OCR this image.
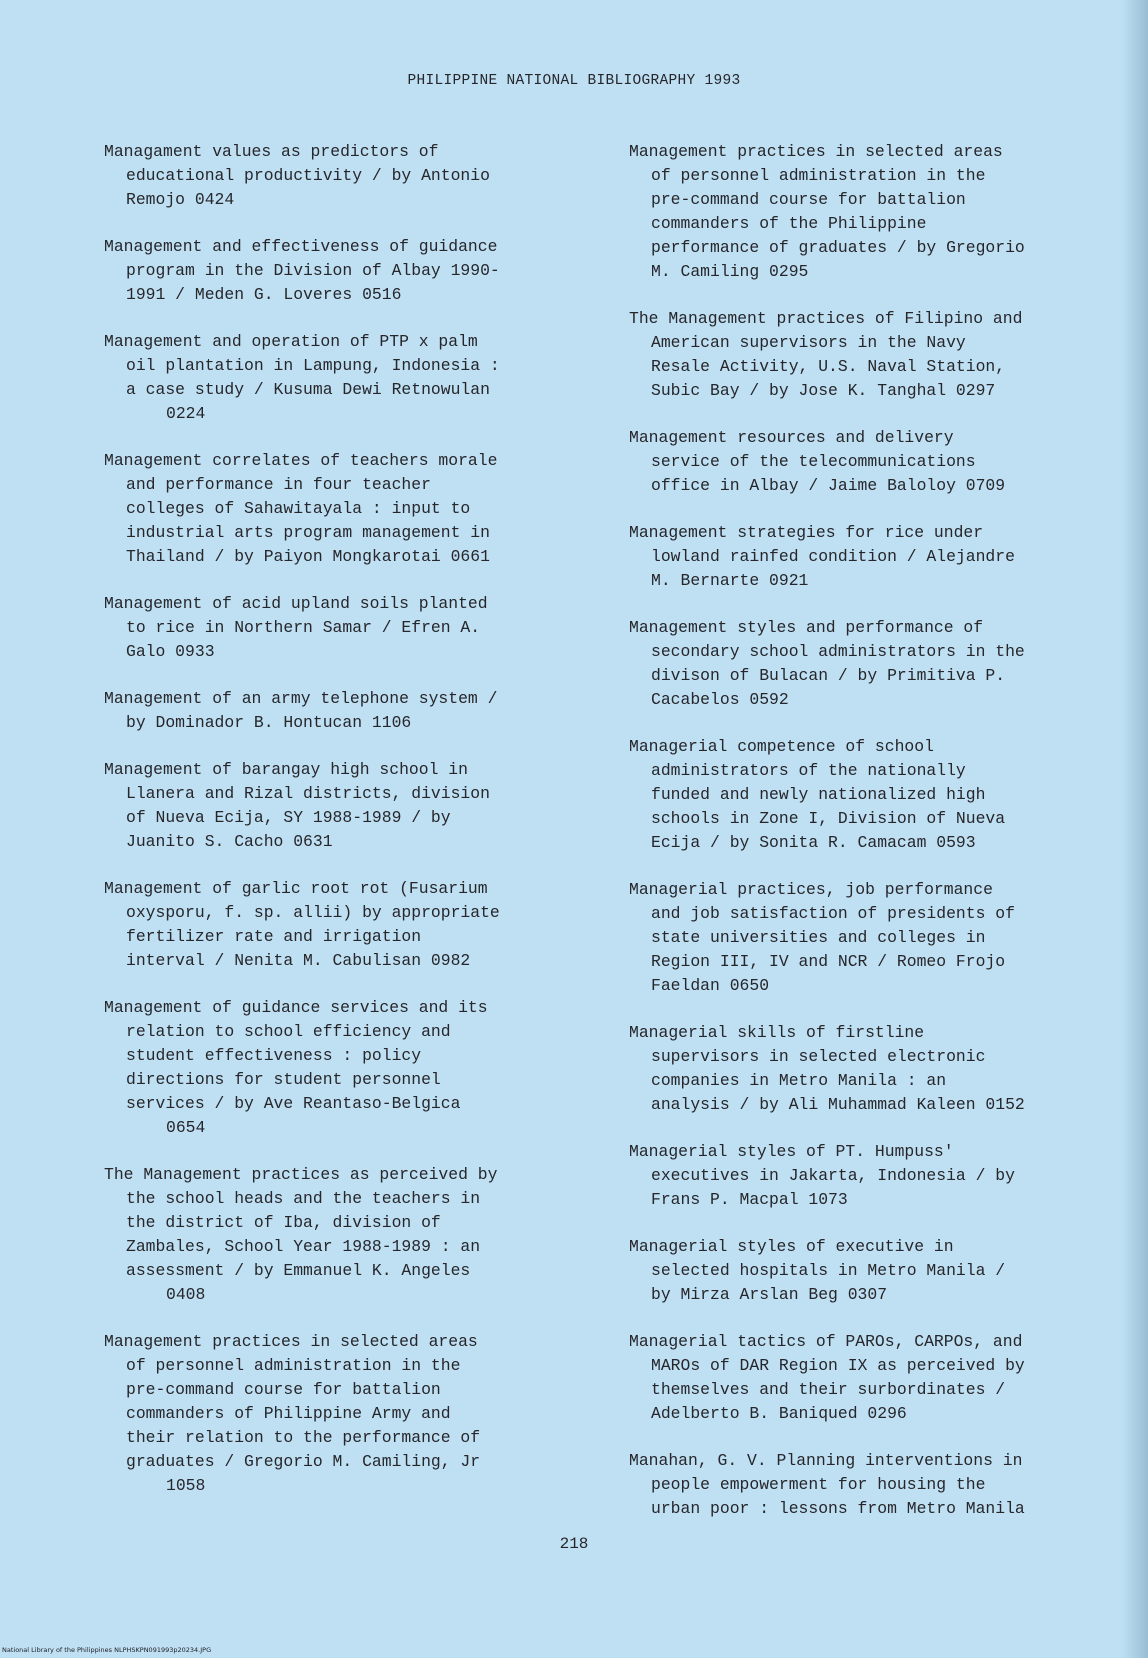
PHILIPPINE NATIONAL BIBLIOGRAPHY 1993

Managament values as predictors of
educational productivity / by Antonio
Remojo 0424

Management and effectiveness of guidance
program in the Division of Albay 1990-
1991 / Meden G. Loveres 0516

Management and operation of PTP x palm
oil plantation in Lampung, Indonesia :
a case study / Kusuma Dewi Retnowulan
0224

Management correlates of teachers morale
and performance in four teacher
colleges of Sahawitayala : input to
industrial arts program management in
Thailand / by Paiyon Mongkarotai 0661

Management of acid upland soils planted
to rice in Northern Samar / Efren A.
Galo 0933

Management of an army telephone system /
by Dominador B. Hontucan 1106

Management of barangay high school in
Llanera and Rizal districts, division
of Nueva Ecija, SY 1988-1989 / by
Juanito S. Cacho 0631

Management of garlic root rot (Fusarium
oxysporu, f. sp. allii) by appropriate
fertilizer rate and irrigation
interval / Nenita M. Cabulisan 0982

Management of guidance services and its
relation to school efficiency and
student effectiveness : policy
directions for student personnel
services / by Ave Reantaso-Belgica
0654

The Management practices as perceived by
the school heads and the teachers in
the district of Iba, division of
Zambales, School Year 1988-1989 : an
assessment / by Emmanuel K. Angeles
0408

Management practices in selected areas
of personnel administration in the
pre-command course for battalion
commanders of Philippine Army and
their relation to the performance of
graduates / Gregorio M. Camiling, Jr
1058

Management practices in selected areas
of personnel administration in the
pre-command course for battalion
commanders of the Philippine
performance of graduates / by Gregorio
M. Camiling 0295

The Management practices of Filipino and
American supervisors in the Navy
Resale Activity, U.S. Naval Station,
Subic Bay / by Jose K. Tanghal 0297

Management resources and delivery
service of the telecommunications
office in Albay / Jaime Baloloy 0709

Management strategies for rice under
lowland rainfed condition / Alejandre
M. Bernarte 0921

Management styles and performance of
secondary school administrators in the
divison of Bulacan / by Primitiva P.
Cacabelos 0592

Managerial competence of school
administrators of the nationally
funded and newly nationalized high
schools in Zone I, Division of Nueva
Ecija / by Sonita R. Camacam 0593

Managerial practices, job performance
and job satisfaction of presidents of
state universities and colleges in
Region III, IV and NCR / Romeo Frojo
Faeldan 0650

Managerial skills of firstline
supervisors in selected electronic
companies in Metro Manila : an
analysis / by Ali Muhammad Kaleen 0152

Managerial styles of PT. Humpuss'
executives in Jakarta, Indonesia / by
Frans P. Macpal 1073

Managerial styles of executive in
selected hospitals in Metro Manila /
by Mirza Arslan Beg 0307

Managerial tactics of PAROs, CARPOs, and
MAROs of DAR Region IX as perceived by
themselves and their surbordinates /
Adelberto B. Baniqued 0296

Manahan, G. V. Planning interventions in
people empowerment for housing the
urban poor : lessons from Metro Manila

218
National Library of the Philippines NLPHSKPN091993p20234.JPG
